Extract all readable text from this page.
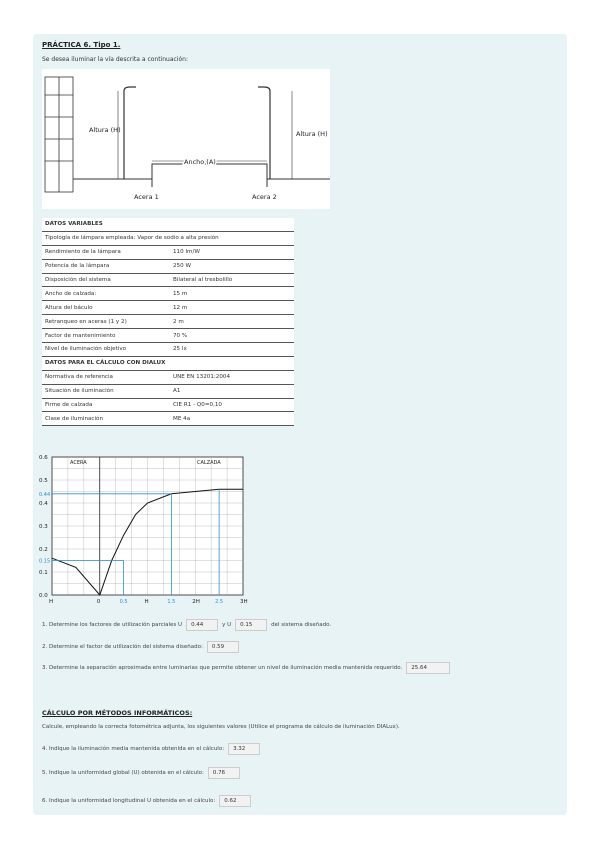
PRÁCTICA 6. Tipo 1.
Se desea iluminar la vía descrita a continuación:
Altura (H)	Altura (H)
Ancho (A)
Acera 1	Acera 2
DATOS VARIABLES
Tipología de lámpara empleada: Vapor de sodio a alta presión
Rendimiento de la lámpara	110 lm/W
Potencia de la lámpara	250 W
Disposición del sistema	Bilateral al tresbolillo
Ancho de calzada:	15 m
Altura del báculo	12 m
Retranqueo en aceras (1 y 2)	2 m
Factor de mantenimiento	70 %
Nivel de iluminación objetivo	25 lx
DATOS PARA EL CÁLCULO CON DIALUX
Normativa de referencia	UNE EN 13201:2004
Situación de iluminación	A1
Firme de calzada	CIE R1 - Q0=0,10
Clase de iluminación	ME 4a
ACERA	CALZADA
0.6
0.5
0.4
0.3
0.2
0.1
0.0
H	0	H	2H	3H
0.44
0.15
0.5	1.5	2.5
1. Determine los factores de utilización parciales U	0.44	y U	0.15	del sistema diseñado.
2. Determine el factor de utilización del sistema diseñado:	0.59
3. Determine la separación aproximada entre luminarias que permite obtener un nivel de iluminación media mantenida requerido.	25.64
CÁLCULO POR MÉTODOS INFORMÁTICOS:
Calcule, empleando la correcta fotométrica adjunta, los siguientes valores (Utilice el programa de cálculo de iluminación DIALux).
4. Indique la iluminación media mantenida obtenida en el cálculo:	3.32
5. Indique la uniformidad global (U) obtenida en el cálculo:	0.76
6. Indique la uniformidad longitudinal U obtenida en el cálculo:	0.62
